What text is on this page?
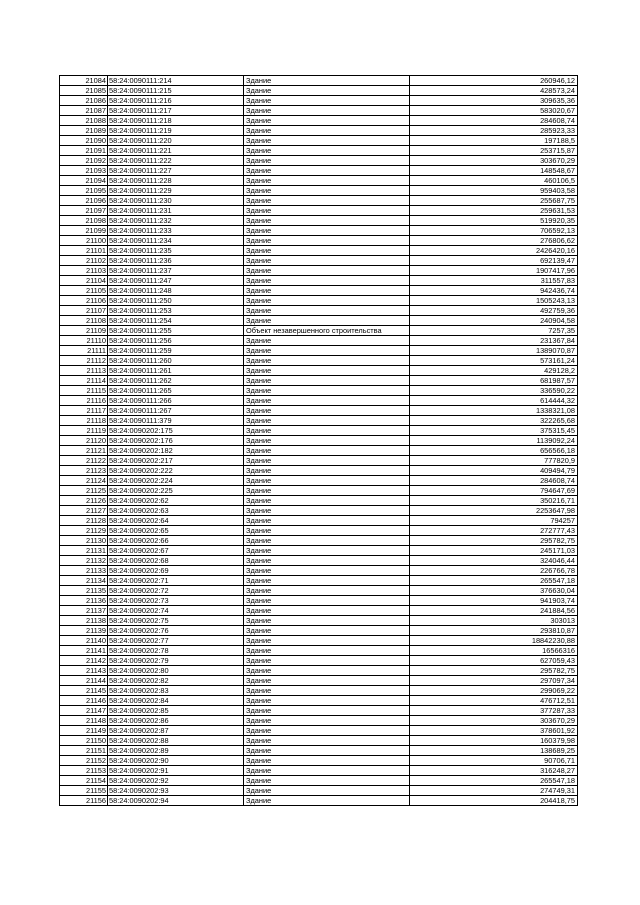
21084	58:24:0090111:214	Здание	260946,12
21085	58:24:0090111:215	Здание	428573,24
21086	58:24:0090111:216	Здание	309635,36
21087	58:24:0090111:217	Здание	583020,67
21088	58:24:0090111:218	Здание	284608,74
21089	58:24:0090111:219	Здание	285923,33
21090	58:24:0090111:220	Здание	197188,5
21091	58:24:0090111:221	Здание	253715,87
21092	58:24:0090111:222	Здание	303670,29
21093	58:24:0090111:227	Здание	148548,67
21094	58:24:0090111:228	Здание	460106,5
21095	58:24:0090111:229	Здание	959403,58
21096	58:24:0090111:230	Здание	255687,75
21097	58:24:0090111:231	Здание	259631,53
21098	58:24:0090111:232	Здание	519920,35
21099	58:24:0090111:233	Здание	706592,13
21100	58:24:0090111:234	Здание	276806,62
21101	58:24:0090111:235	Здание	2426420,16
21102	58:24:0090111:236	Здание	692139,47
21103	58:24:0090111:237	Здание	1907417,96
21104	58:24:0090111:247	Здание	311557,83
21105	58:24:0090111:248	Здание	942436,74
21106	58:24:0090111:250	Здание	1505243,13
21107	58:24:0090111:253	Здание	492759,36
21108	58:24:0090111:254	Здание	240904,58
21109	58:24:0090111:255	Объект незавершенного строительства	7257,35
21110	58:24:0090111:256	Здание	231367,84
21111	58:24:0090111:259	Здание	1389070,87
21112	58:24:0090111:260	Здание	573161,24
21113	58:24:0090111:261	Здание	429128,2
21114	58:24:0090111:262	Здание	681987,57
21115	58:24:0090111:265	Здание	336590,22
21116	58:24:0090111:266	Здание	614444,32
21117	58:24:0090111:267	Здание	1338321,08
21118	58:24:0090111:379	Здание	322265,68
21119	58:24:0090202:175	Здание	375315,45
21120	58:24:0090202:176	Здание	1139092,24
21121	58:24:0090202:182	Здание	656566,18
21122	58:24:0090202:217	Здание	777820,9
21123	58:24:0090202:222	Здание	409494,79
21124	58:24:0090202:224	Здание	284608,74
21125	58:24:0090202:225	Здание	794647,69
21126	58:24:0090202:62	Здание	350216,71
21127	58:24:0090202:63	Здание	2253647,98
21128	58:24:0090202:64	Здание	794257
21129	58:24:0090202:65	Здание	272777,43
21130	58:24:0090202:66	Здание	295782,75
21131	58:24:0090202:67	Здание	245171,03
21132	58:24:0090202:68	Здание	324046,44
21133	58:24:0090202:69	Здание	226766,78
21134	58:24:0090202:71	Здание	265547,18
21135	58:24:0090202:72	Здание	376630,04
21136	58:24:0090202:73	Здание	941903,74
21137	58:24:0090202:74	Здание	241884,56
21138	58:24:0090202:75	Здание	303013
21139	58:24:0090202:76	Здание	293810,87
21140	58:24:0090202:77	Здание	18842230,88
21141	58:24:0090202:78	Здание	16566316
21142	58:24:0090202:79	Здание	627059,43
21143	58:24:0090202:80	Здание	295782,75
21144	58:24:0090202:82	Здание	297097,34
21145	58:24:0090202:83	Здание	299069,22
21146	58:24:0090202:84	Здание	476712,51
21147	58:24:0090202:85	Здание	377287,33
21148	58:24:0090202:86	Здание	303670,29
21149	58:24:0090202:87	Здание	378601,92
21150	58:24:0090202:88	Здание	160379,98
21151	58:24:0090202:89	Здание	138689,25
21152	58:24:0090202:90	Здание	90706,71
21153	58:24:0090202:91	Здание	316248,27
21154	58:24:0090202:92	Здание	265547,18
21155	58:24:0090202:93	Здание	274749,31
21156	58:24:0090202:94	Здание	204418,75
